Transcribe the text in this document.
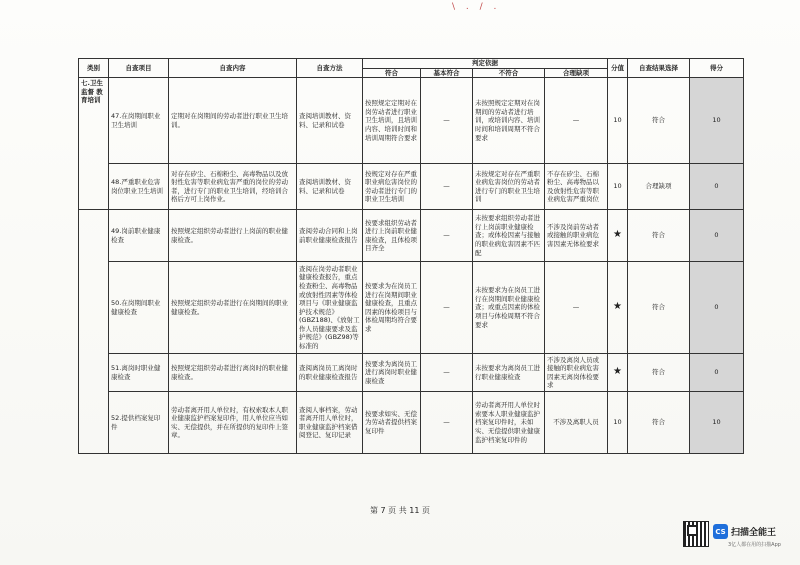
\ . / .
类别	自查项目	自查内容	自查方法	判定依据				分值	自查结果选择	得分
				符合	基本符合	不符合	合理缺项			
七.卫生监督 教育培训	47.在岗期间职业卫生培训	定期对在岗期间的劳动者进行职业卫生培训。	查阅培训教材、资料、记录和试卷	按照规定定期对在岗劳动者进行职业卫生培训，且培训内容、培训时间和培训周期符合要求	—	未按照规定定期对在岗期间的劳动者进行培训，或培训内容、培训时间和培训周期不符合要求	—	10	符合	10
	48.严重职业危害岗位职业卫生培训	对存在矽尘、石棉粉尘、高毒物品以及放射性危害等职业病危害严重的岗位的劳动者，进行专门的职业卫生培训，经培训合格后方可上岗作业。	查阅培训教材、资料、记录和试卷	按规定对存在严重职业病危害岗位的劳动者进行专门的职业卫生培训	—	未按规定对存在严重职业病危害岗位的劳动者进行专门的职业卫生培训	不存在矽尘、石棉粉尘、高毒物品以及放射性危害等职业病危害严重岗位	10	合理缺项	0
	49.岗前职业健康检查	按照规定组织劳动者进行上岗前的职业健康检查。	查阅劳动合同和上岗前职业健康检查报告	按要求组织劳动者进行上岗前职业健康检查，且体检项目齐全	—	未按要求组织劳动者进行上岗前职业健康检查；或体检因素与接触的职业病危害因素不匹配	不涉及岗前劳动者或接触的职业病危害因素无体检要求	★	符合	0
	50.在岗期间职业健康检查	按照规定组织劳动者进行在岗期间的职业健康检查。	查阅在岗劳动者职业健康检查报告，重点检查粉尘、高毒物品或放射性因素等体检项目与《职业健康监护技术规范》(GBZ188)、《放射工作人员健康要求及监护规范》(GBZ98)等标准的	按要求为在岗员工进行在岗期间职业健康检查，且重点因素的体检项目与体检周期均符合要求	—	未按要求为在岗员工进行在岗期间职业健康检查；或重点因素的体检项目与体检周期不符合要求	—	★	符合	0
	51.离岗时职业健康检查	按照规定组织劳动者进行离岗时的职业健康检查。	查阅离岗员工离岗时的职业健康检查报告	按要求为离岗员工进行离岗时职业健康检查	—	未按要求为离岗员工进行职业健康检查	不涉及离岗人员或接触的职业病危害因素无离岗体检要求	★	符合	0
	52.提供档案复印件	劳动者离开用人单位时，有权索取本人职业健康监护档案复印件，用人单位应当如实、无偿提供，并在所提供的复印件上签章。	查阅人事档案，劳动者离开用人单位时，职业健康监护档案借阅登记、复印记录	按要求如实、无偿为劳动者提供档案复印件	—	劳动者离开用人单位时索要本人职业健康监护档案复印件时，未如实、无偿提供职业健康监护档案复印件的	不涉及离职人员	10	符合	10
第 7 页 共 11 页
CS 扫描全能王
3亿人都在用的扫描App
